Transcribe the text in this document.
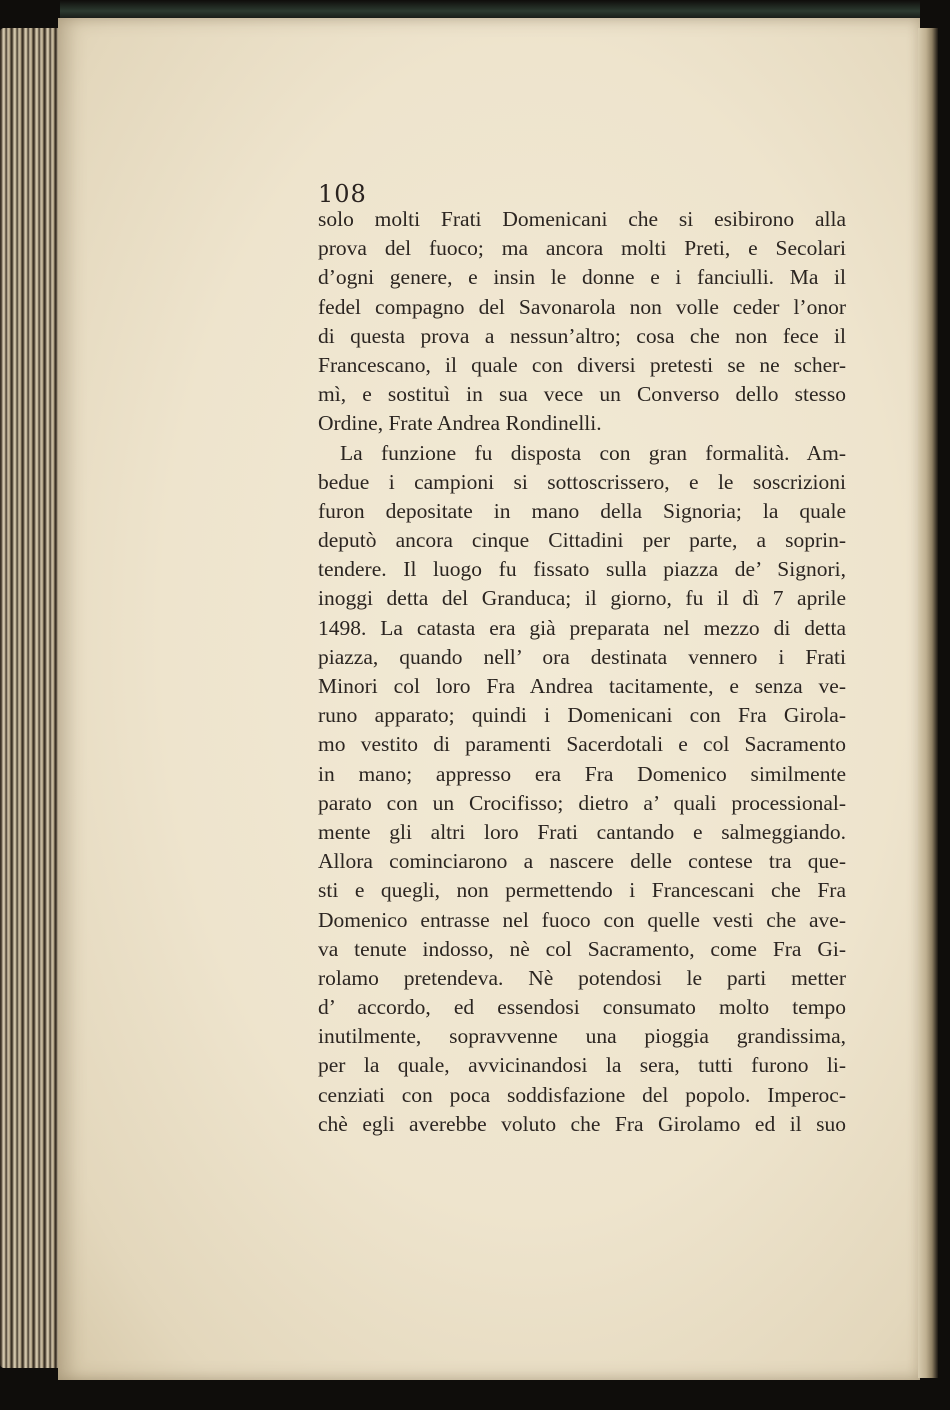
108
solo molti Frati Domenicani che si esibirono alla
prova del fuoco; ma ancora molti Preti, e Secolari
d’ogni genere, e insin le donne e i fanciulli. Ma il
fedel compagno del Savonarola non volle ceder l’onor
di questa prova a nessun’altro; cosa che non fece il
Francescano, il quale con diversi pretesti se ne scher-
mì, e sostituì in sua vece un Converso dello stesso
Ordine, Frate Andrea Rondinelli.
La funzione fu disposta con gran formalità. Am-
bedue i campioni si sottoscrissero, e le soscrizioni
furon depositate in mano della Signoria; la quale
deputò ancora cinque Cittadini per parte, a soprin-
tendere. Il luogo fu fissato sulla piazza de’ Signori,
inoggi detta del Granduca; il giorno, fu il dì 7 aprile
1498. La catasta era già preparata nel mezzo di detta
piazza, quando nell’ ora destinata vennero i Frati
Minori col loro Fra Andrea tacitamente, e senza ve-
runo apparato; quindi i Domenicani con Fra Girola-
mo vestito di paramenti Sacerdotali e col Sacramento
in mano; appresso era Fra Domenico similmente
parato con un Crocifisso; dietro a’ quali processional-
mente gli altri loro Frati cantando e salmeggiando.
Allora cominciarono a nascere delle contese tra que-
sti e quegli, non permettendo i Francescani che Fra
Domenico entrasse nel fuoco con quelle vesti che ave-
va tenute indosso, nè col Sacramento, come Fra Gi-
rolamo pretendeva. Nè potendosi le parti metter
d’ accordo, ed essendosi consumato molto tempo
inutilmente, sopravvenne una pioggia grandissima,
per la quale, avvicinandosi la sera, tutti furono li-
cenziati con poca soddisfazione del popolo. Imperoc-
chè egli averebbe voluto che Fra Girolamo ed il suo
